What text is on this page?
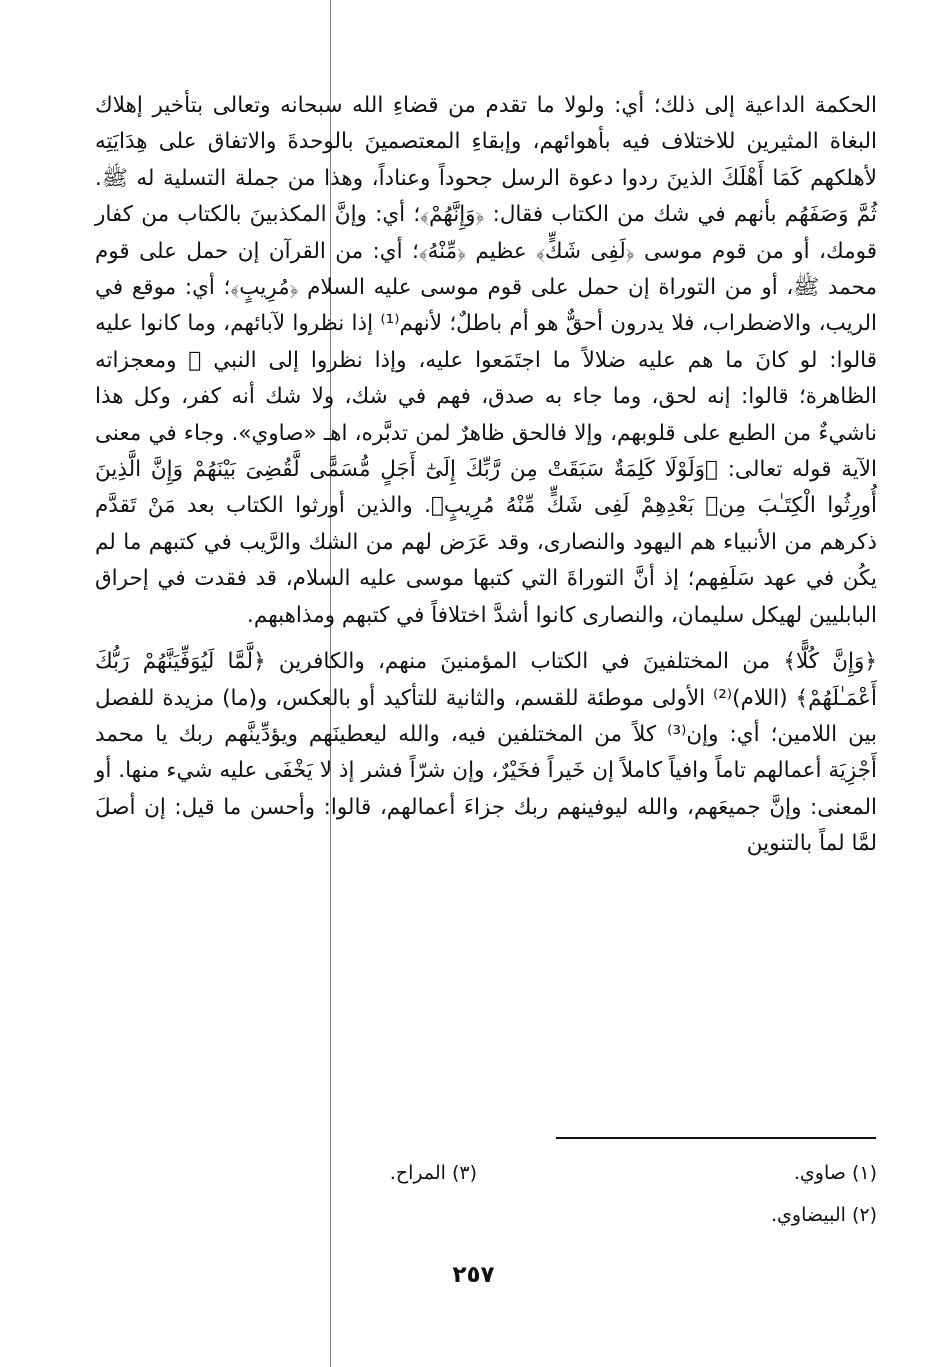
الحكمة الداعية إلى ذلك؛ أي: ولولا ما تقدم من قضاءِ الله سبحانه وتعالى بتأخير إهلاك البغاة المثيرين للاختلاف فيه بأهوائهم، وإبقاءِ المعتصمينَ بالوحدةَ والاتفاق على هِدَايَتِه لأهلكهم كَمَا أَهْلَكَ الذينَ ردوا دعوة الرسل جحوداً وعناداً، وهذا من جملة التسلية له ﷺ. ثُمَّ وَصَفَهُم بأنهم في شك من الكتاب فقال: ﴿وَإِنَّهُمْ﴾؛ أي: وإنَّ المكذبينَ بالكتاب من كفار قومك، أو من قوم موسى ﴿لَفِى شَكٍّ﴾ عظيم ﴿مِّنْهُ﴾؛ أي: من القرآن إن حمل على قوم محمد ﷺ، أو من التوراة إن حمل على قوم موسى عليه السلام ﴿مُرِيبٍ﴾؛ أي: موقع في الريب، والاضطراب، فلا يدرون أحقٌّ هو أم باطلٌ؛ لأنهم⁽¹⁾ إذا نظروا لآبائهم، وما كانوا عليه قالوا: لو كانَ ما هم عليه ضلالاً ما اجتَمَعوا عليه، وإذا نظروا إلى النبي ﷺ ومعجزاته الظاهرة؛ قالوا: إنه لحق، وما جاء به صدق، فهم في شك، ولا شك أنه كفر، وكل هذا ناشيءٌ من الطبع على قلوبهم، وإلا فالحق ظاهرٌ لمن تدبَّره، اهـ «صاوي». وجاء في معنى الآية قوله تعالى: ﴿وَلَوْلَا كَلِمَةٌ سَبَقَتْ مِن رَّبِّكَ إِلَىٰٓ أَجَلٍ مُّسَمًّى لَّقُضِىَ بَيْنَهُمْ وَإِنَّ الَّذِينَ أُورِثُوا الْكِتَـٰبَ مِنۢ بَعْدِهِمْ لَفِى شَكٍّ مِّنْهُ مُرِيبٍ﴾. والذين أورثوا الكتاب بعد مَنْ تَقدَّم ذكرهم من الأنبياء هم اليهود والنصارى، وقد عَرَض لهم من الشك والرَّيب في كتبهم ما لم يكُن في عهد سَلَفِهم؛ إذ أنَّ التوراةَ التي كتبها موسى عليه السلام، قد فقدت في إحراق البابليين لهيكل سليمان، والنصارى كانوا أشدَّ اختلافاً في كتبهم ومذاهبهم.

﴿وَإِنَّ كُلًّا﴾ من المختلفينَ في الكتاب المؤمنينَ منهم، والكافرين ﴿لَّمَّا لَيُوَفِّيَنَّهُمْ رَبُّكَ أَعْمَـٰلَهُمْ﴾ (اللام)⁽²⁾ الأولى موطئة للقسم، والثانية للتأكيد أو بالعكس، و(ما) مزيدة للفصل بين اللامين؛ أي: وإن⁽³⁾ كلاً من المختلفين فيه، والله ليعطينَهم ويؤدِّينَّهم ربك يا محمد أَجْزِيَة أعمالهم تاماً وافياً كاملاً إن خَيراً فخَيْرٌ، وإن شرّاً فشر إذ لا يَخْفَى عليه شيء منها. أو المعنى: وإنَّ جميعَهم، والله ليوفينهم ربك جزاءَ أعمالهم، قالوا: وأحسن ما قيل: إن أصلَ لمَّا لماً بالتنوين

(١) صاوي.
(٣) المراح.
(٢) البيضاوي.
٢٥٧
